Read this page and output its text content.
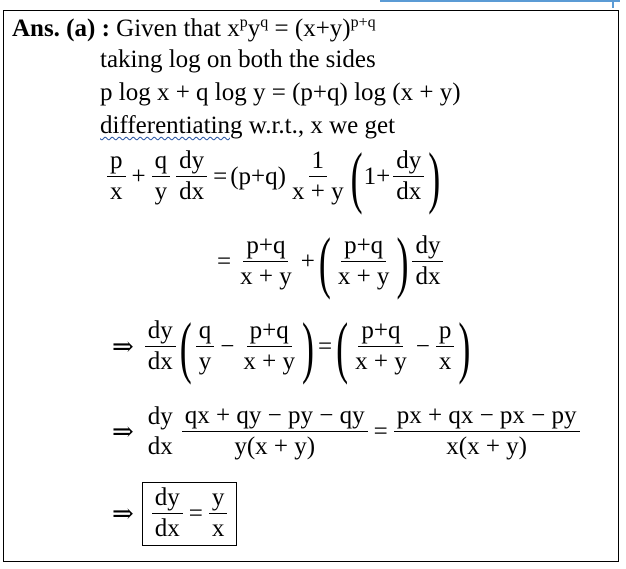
Ans. (a) : Given that $x^py^q = (x+y)^{p+q}$
taking log on both the sides
p log x + q log y = (p+q) log (x + y)
differentiating w.r.t., x we get
$\frac{p}{x} + \frac{q}{y} \frac{dy}{dx} = (p+q) \frac{1}{x + y}$ ( $1+ \frac{dy}{dx}$ )
= $\frac{p+q}{x + y}$ + ( $\frac{p+q}{x + y}$ ) $\frac{dy}{dx}$
⇒ $\frac{dy}{dx}$ ( $\frac{q}{y} - \frac{p+q}{x + y}$ ) = ( $\frac{p+q}{x + y} - \frac{p}{x}$ )
⇒
dy
dx $\frac{qx + qy - py - qy}{y(x + y)} = \frac{px + qx - px - py}{x(x + y)}$
⇒ $\frac{dy}{dx} = \frac{y}{x}$
